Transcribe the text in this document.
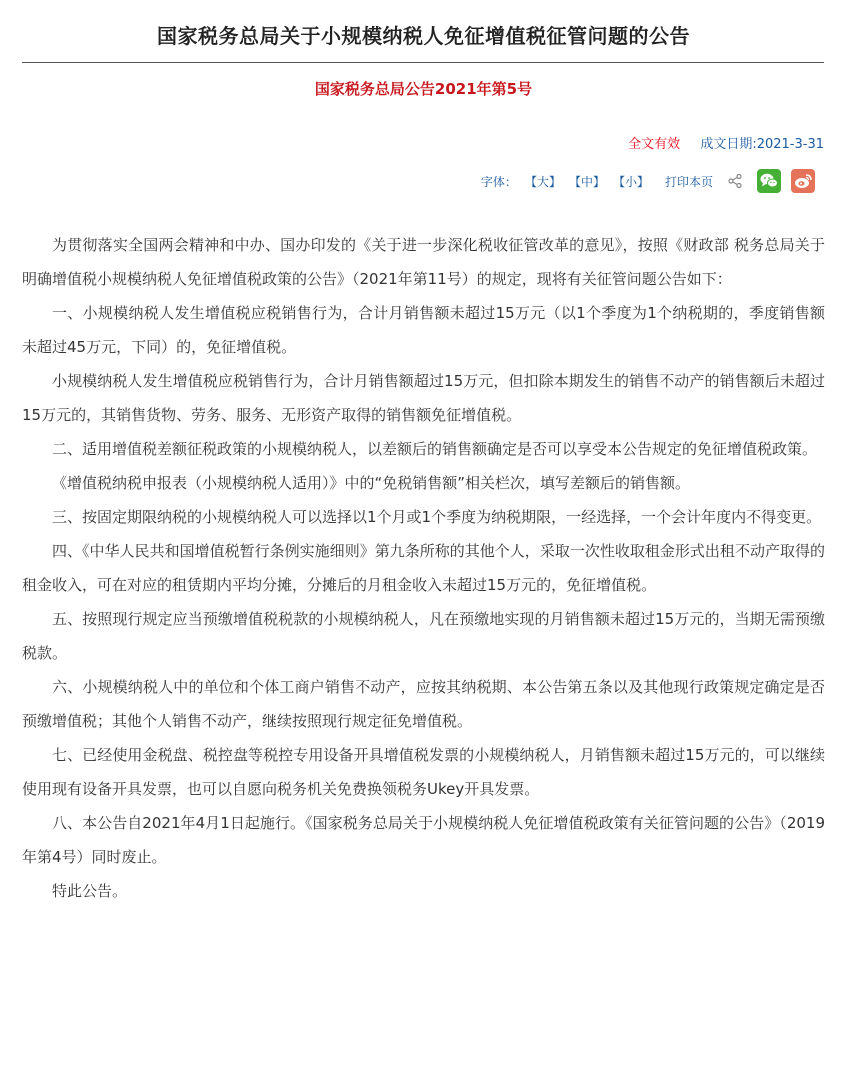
国家税务总局关于小规模纳税人免征增值税征管问题的公告
国家税务总局公告2021年第5号
全文有效 成文日期:2021-3-31
字体： 【大】 【中】 【小】 打印本页

为贯彻落实全国两会精神和中办、国办印发的《关于进一步深化税收征管改革的意见》，按照《财政部 税务总局关于明确增值税小规模纳税人免征增值税政策的公告》（2021年第11号）的规定，现将有关征管问题公告如下：

一、小规模纳税人发生增值税应税销售行为，合计月销售额未超过15万元（以1个季度为1个纳税期的，季度销售额未超过45万元，下同）的，免征增值税。

小规模纳税人发生增值税应税销售行为，合计月销售额超过15万元，但扣除本期发生的销售不动产的销售额后未超过15万元的，其销售货物、劳务、服务、无形资产取得的销售额免征增值税。

二、适用增值税差额征税政策的小规模纳税人，以差额后的销售额确定是否可以享受本公告规定的免征增值税政策。

《增值税纳税申报表（小规模纳税人适用）》中的“免税销售额”相关栏次，填写差额后的销售额。

三、按固定期限纳税的小规模纳税人可以选择以1个月或1个季度为纳税期限，一经选择，一个会计年度内不得变更。

四、《中华人民共和国增值税暂行条例实施细则》第九条所称的其他个人，采取一次性收取租金形式出租不动产取得的租金收入，可在对应的租赁期内平均分摊，分摊后的月租金收入未超过15万元的，免征增值税。

五、按照现行规定应当预缴增值税税款的小规模纳税人，凡在预缴地实现的月销售额未超过15万元的，当期无需预缴税款。

六、小规模纳税人中的单位和个体工商户销售不动产，应按其纳税期、本公告第五条以及其他现行政策规定确定是否预缴增值税；其他个人销售不动产，继续按照现行规定征免增值税。

七、已经使用金税盘、税控盘等税控专用设备开具增值税发票的小规模纳税人，月销售额未超过15万元的，可以继续使用现有设备开具发票，也可以自愿向税务机关免费换领税务Ukey开具发票。

八、本公告自2021年4月1日起施行。《国家税务总局关于小规模纳税人免征增值税政策有关征管问题的公告》（2019年第4号）同时废止。

特此公告。
